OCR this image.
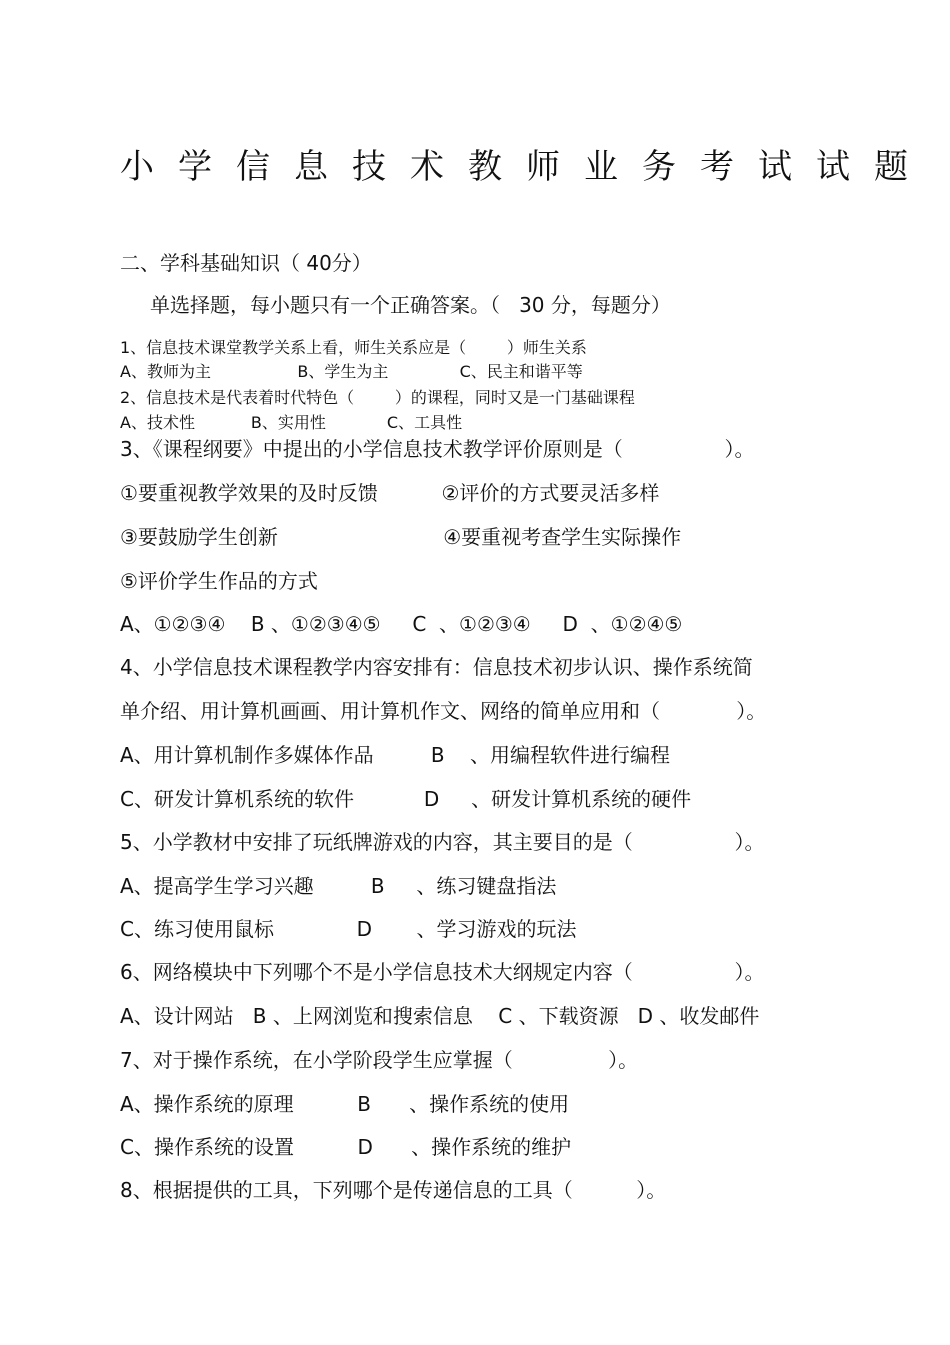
小学信息技术教师业务考试试题
二、学科基础知识（ 40分）
单选择题，每小题只有一个正确答案。（   30 分，每题分）
1、信息技术课堂教学关系上看，师生关系应是（        ）师生关系
A、教师为主                 B、学生为主              C、民主和谐平等
2、信息技术是代表着时代特色（        ）的课程，同时又是一门基础课程
A、技术性           B、实用性            C、工具性
3、《课程纲要》中提出的小学信息技术教学评价原则是（                ）。
①要重视教学效果的及时反馈          ②评价的方式要灵活多样
③要鼓励学生创新                          ④要重视考查学生实际操作
⑤评价学生作品的方式
A、①②③④    B 、①②③④⑤     C  、①②③④     D  、①②④⑤
4、小学信息技术课程教学内容安排有：信息技术初步认识、操作系统简
单介绍、用计算机画画、用计算机作文、网络的简单应用和（            ）。
A、用计算机制作多媒体作品         B    、用编程软件进行编程
C、研发计算机系统的软件           D     、研发计算机系统的硬件
5、小学教材中安排了玩纸牌游戏的内容，其主要目的是（                ）。
A、提高学生学习兴趣         B     、练习键盘指法
C、练习使用鼠标             D       、学习游戏的玩法
6、网络模块中下列哪个不是小学信息技术大纲规定内容（                ）。
A、设计网站   B 、上网浏览和搜索信息    C 、下载资源   D 、收发邮件
7、对于操作系统，在小学阶段学生应掌握（               ）。
A、操作系统的原理          B      、操作系统的使用
C、操作系统的设置          D      、操作系统的维护
8、根据提供的工具，下列哪个是传递信息的工具（          ）。
